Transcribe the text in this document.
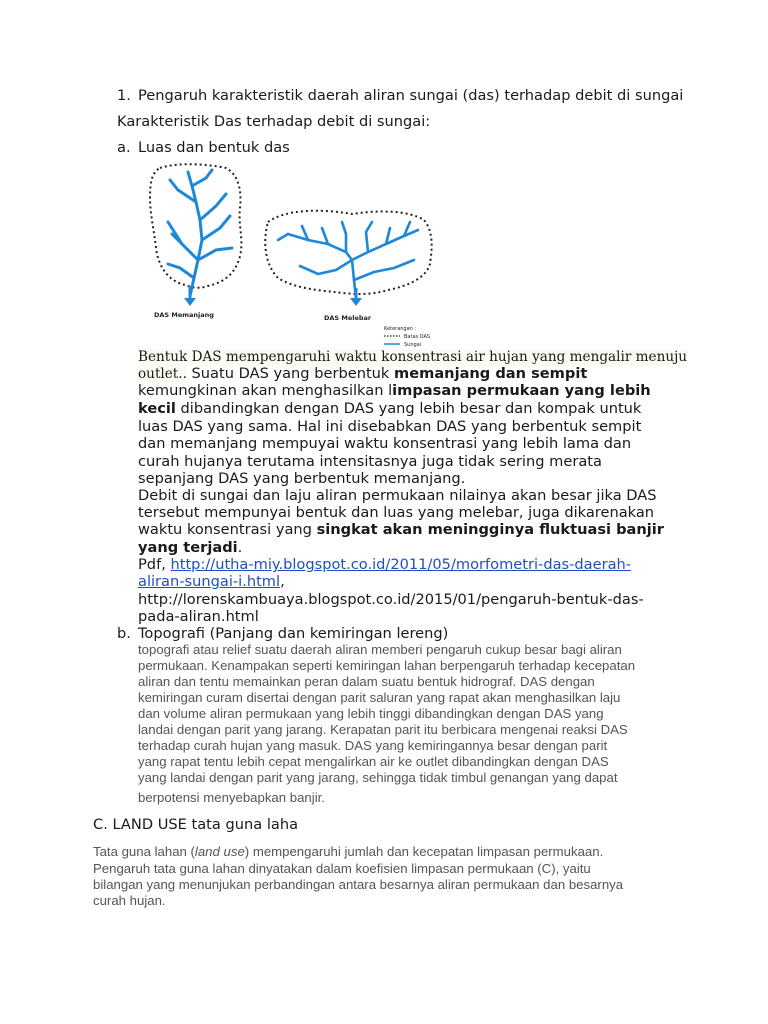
1. Pengaruh karakteristik daerah aliran sungai (das) terhadap debit di sungai
Karakteristik Das terhadap debit di sungai:
a. Luas dan bentuk das
DAS Memanjang	DAS Melebar
Keterangan :
Batas DAS
Sungai
Bentuk DAS mempengaruhi waktu konsentrasi air hujan yang mengalir menuju
outlet.. Suatu DAS yang berbentuk memanjang dan sempit
kemungkinan akan menghasilkan limpasan permukaan yang lebih
kecil dibandingkan dengan DAS yang lebih besar dan kompak untuk
luas DAS yang sama. Hal ini disebabkan DAS yang berbentuk sempit
dan memanjang mempuyai waktu konsentrasi yang lebih lama dan
curah hujanya terutama intensitasnya juga tidak sering merata
sepanjang DAS yang berbentuk memanjang.
Debit di sungai dan laju aliran permukaan nilainya akan besar jika DAS
tersebut mempunyai bentuk dan luas yang melebar, juga dikarenakan
waktu konsentrasi yang singkat akan meningginya fluktuasi banjir
yang terjadi.
Pdf, http://utha-miy.blogspot.co.id/2011/05/morfometri-das-daerah-
aliran-sungai-i.html,
http://lorenskambuaya.blogspot.co.id/2015/01/pengaruh-bentuk-das-
pada-aliran.html
b. Topografi (Panjang dan kemiringan lereng)
topografi atau relief suatu daerah aliran memberi pengaruh cukup besar bagi aliran
permukaan. Kenampakan seperti kemiringan lahan berpengaruh terhadap kecepatan
aliran dan tentu memainkan peran dalam suatu bentuk hidrograf. DAS dengan
kemiringan curam disertai dengan parit saluran yang rapat akan menghasilkan laju
dan volume aliran permukaan yang lebih tinggi dibandingkan dengan DAS yang
landai dengan parit yang jarang. Kerapatan parit itu berbicara mengenai reaksi DAS
terhadap curah hujan yang masuk. DAS yang kemiringannya besar dengan parit
yang rapat tentu lebih cepat mengalirkan air ke outlet dibandingkan dengan DAS
yang landai dengan parit yang jarang, sehingga tidak timbul genangan yang dapat
berpotensi menyebapkan banjir.
C. LAND USE tata guna laha
Tata guna lahan (land use) mempengaruhi jumlah dan kecepatan limpasan permukaan.
Pengaruh tata guna lahan dinyatakan dalam koefisien limpasan permukaan (C), yaitu
bilangan yang menunjukan perbandingan antara besarnya aliran permukaan dan besarnya
curah hujan.
